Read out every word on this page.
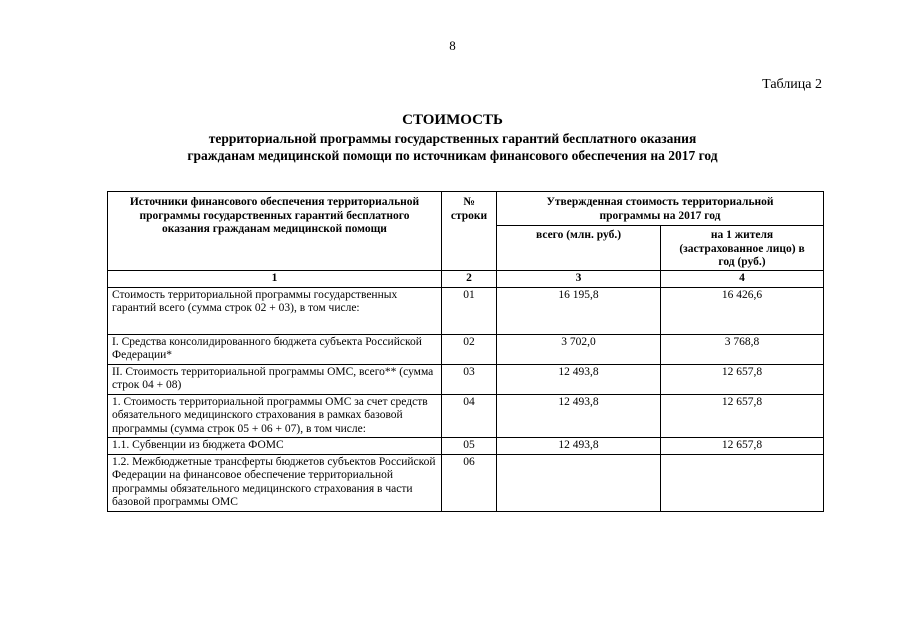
8
Таблица 2
СТОИМОСТЬ
территориальной программы государственных гарантий бесплатного оказания
гражданам медицинской помощи по источникам финансового обеспечения на 2017 год
Источники финансового обеспечения территориальной программы государственных гарантий бесплатного оказания гражданам медицинской помощи	№ строки	Утвержденная стоимость территориальной программы на 2017 год	
		всего (млн. руб.)	на 1 жителя (застрахованное лицо) в год (руб.)
1	2	3	4
Стоимость территориальной программы государственных гарантий всего (сумма строк 02 + 03), в том числе:	01	16 195,8	16 426,6
I. Средства консолидированного бюджета субъекта Российской Федерации*	02	3 702,0	3 768,8
II. Стоимость территориальной программы ОМС, всего** (сумма строк 04 + 08)	03	12 493,8	12 657,8
1. Стоимость территориальной программы ОМС за счет средств обязательного медицинского страхования в рамках базовой программы (сумма строк 05 + 06 + 07), в том числе:	04	12 493,8	12 657,8
1.1. Субвенции из бюджета ФОМС	05	12 493,8	12 657,8
1.2. Межбюджетные трансферты бюджетов субъектов Российской Федерации на финансовое обеспечение территориальной программы обязательного медицинского страхования в части базовой программы ОМС	06		
